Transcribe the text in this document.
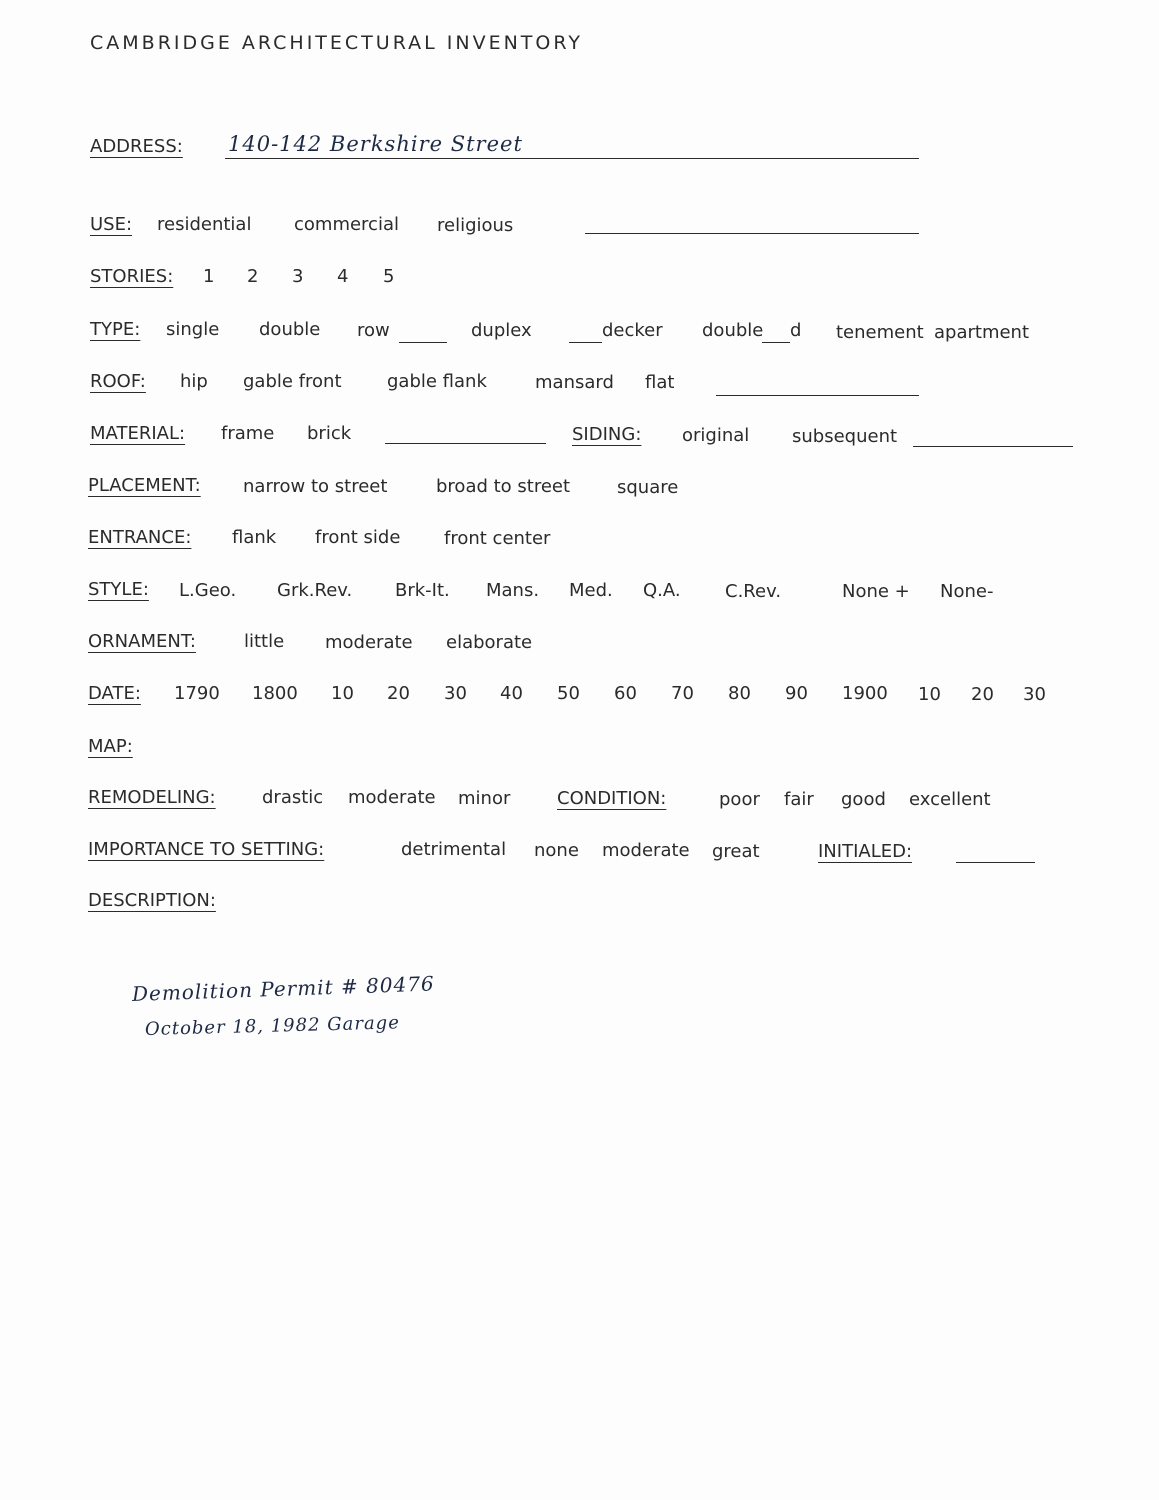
CAMBRIDGE ARCHITECTURAL INVENTORY
ADDRESS: 140-142 Berkshire Street
USE: residential commercial religious
STORIES: 1 2 3 4 5
TYPE: single double row	duplex	decker double d tenement apartment
ROOF: hip gable front	gable flank	mansard flat
MATERIAL: frame brick	SIDING: original subsequent
PLACEMENT: narrow to street	broad to street	square
ENTRANCE: flank front side front center
STYLE: L.Geo. Grk.Rev. Brk-It. Mans. Med. Q.A. C.Rev.	None + None-
ORNAMENT:	little moderate elaborate
DATE: 1790 1800 10 20 30 40 50 60 70 80 90 1900 10 20 30
MAP:
REMODELING:	drastic moderate minor	CONDITION:	poor fair good excellent
IMPORTANCE TO SETTING:	detrimental none moderate great	INITIALED:
DESCRIPTION:
Demolition Permit # 80476
October 18, 1982 Garage
